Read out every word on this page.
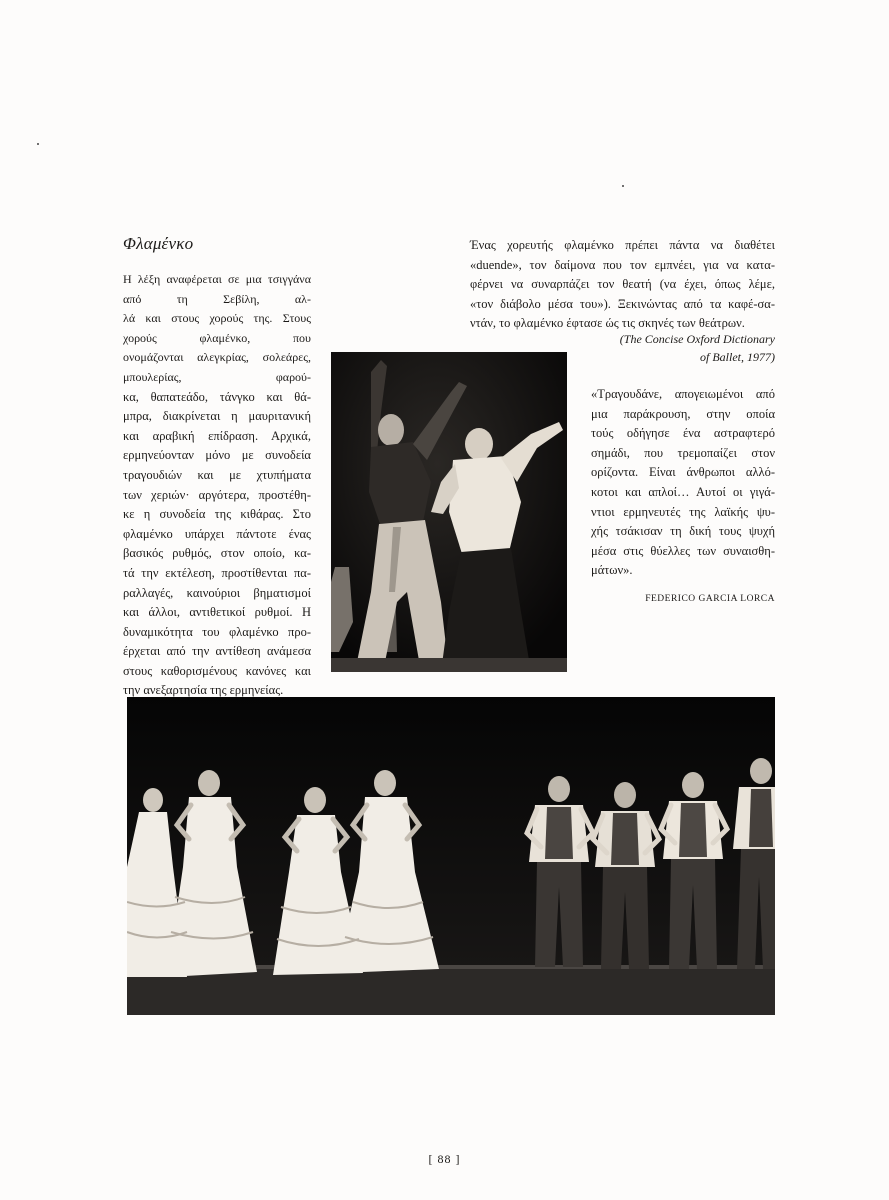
Φλαμένκο
Η λέξη αναφέρεται σε μια τσιγγάνα από τη Σεβίλη, αλ-
λά και στους χορούς της. Στους χορούς φλαμένκο, που
ονομάζονται αλεγκρίας, σολεάρες, μπουλερίας, φαρού-
κα, θαπατεάδο, τάνγκο και θά-
μπρα, διακρίνεται η μαυριτανική
και αραβική επίδραση. Αρχικά,
ερμηνεύονταν μόνο με συνοδεία
τραγουδιών και με χτυπήματα
των χεριών· αργότερα, προστέθη-
κε η συνοδεία της κιθάρας. Στο
φλαμένκο υπάρχει πάντοτε ένας
βασικός ρυθμός, στον οποίο, κα-
τά την εκτέλεση, προστίθενται πα-
ραλλαγές, καινούριοι βηματισμοί
και άλλοι, αντιθετικοί ρυθμοί. Η
δυναμικότητα του φλαμένκο προ-
έρχεται από την αντίθεση ανάμεσα
στους καθορισμένους κανόνες και
την ανεξαρτησία της ερμηνείας.
Ένας χορευτής φλαμένκο πρέπει πάντα να διαθέτει
«duende», τον δαίμονα που τον εμπνέει, για να κατα-
φέρνει να συναρπάζει τον θεατή (να έχει, όπως λέμε,
«τον διάβολο μέσα του»). Ξεκινώντας από τα καφέ-σα-
ντάν, το φλαμένκο έφτασε ώς τις σκηνές των θεάτρων.
(The Concise Oxford Dictionary
of Ballet, 1977)
«Τραγουδάνε, απογειωμένοι από
μια παράκρουση, στην οποία
τούς οδήγησε ένα αστραφτερό
σημάδι, που τρεμοπαίζει στον
ορίζοντα. Είναι άνθρωποι αλλό-
κοτοι και απλοί… Αυτοί οι γιγά-
ντιοι ερμηνευτές της λαϊκής ψυ-
χής τσάκισαν τη δική τους ψυχή
μέσα στις θύελλες των συναισθη-
μάτων».
FEDERICO GARCIA LORCA
[ 88 ]
